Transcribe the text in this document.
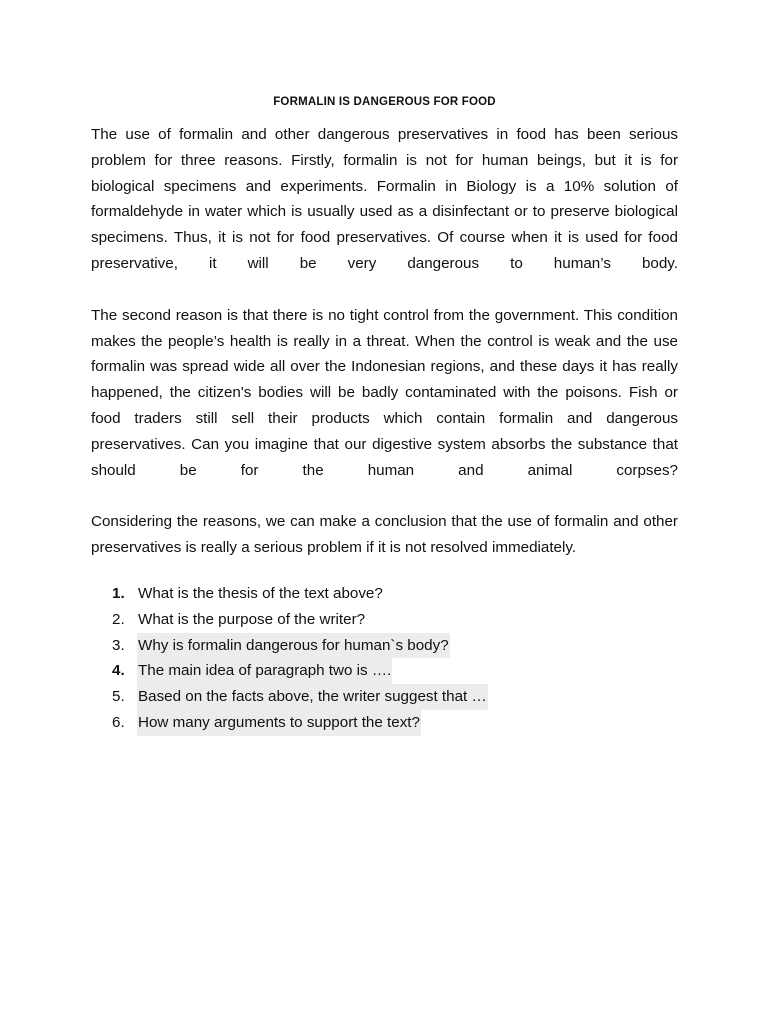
FORMALIN IS DANGEROUS FOR FOOD

The use of formalin and other dangerous preservatives in food has been serious problem for three reasons. Firstly, formalin is not for human beings, but it is for biological specimens and experiments. Formalin in Biology is a 10% solution of formaldehyde in water which is usually used as a disinfectant or to preserve biological specimens. Thus, it is not for food preservatives. Of course when it is used for food preservative, it will be very dangerous to human’s body.

The second reason is that there is no tight control from the government. This condition makes the people’s health is really in a threat. When the control is weak and the use formalin was spread wide all over the Indonesian regions, and these days it has really happened, the citizen's bodies will be badly contaminated with the poisons. Fish or food traders still sell their products which contain formalin and dangerous preservatives. Can you imagine that our digestive system absorbs the substance that should be for the human and animal corpses?

Considering the reasons, we can make a conclusion that the use of formalin and other preservatives is really a serious problem if it is not resolved immediately.

1. What is the thesis of the text above?
2. What is the purpose of the writer?
3. Why is formalin dangerous for human`s body?
4. The main idea of paragraph two is ….
5. Based on the facts above, the writer suggest that …
6. How many arguments to support the text?
